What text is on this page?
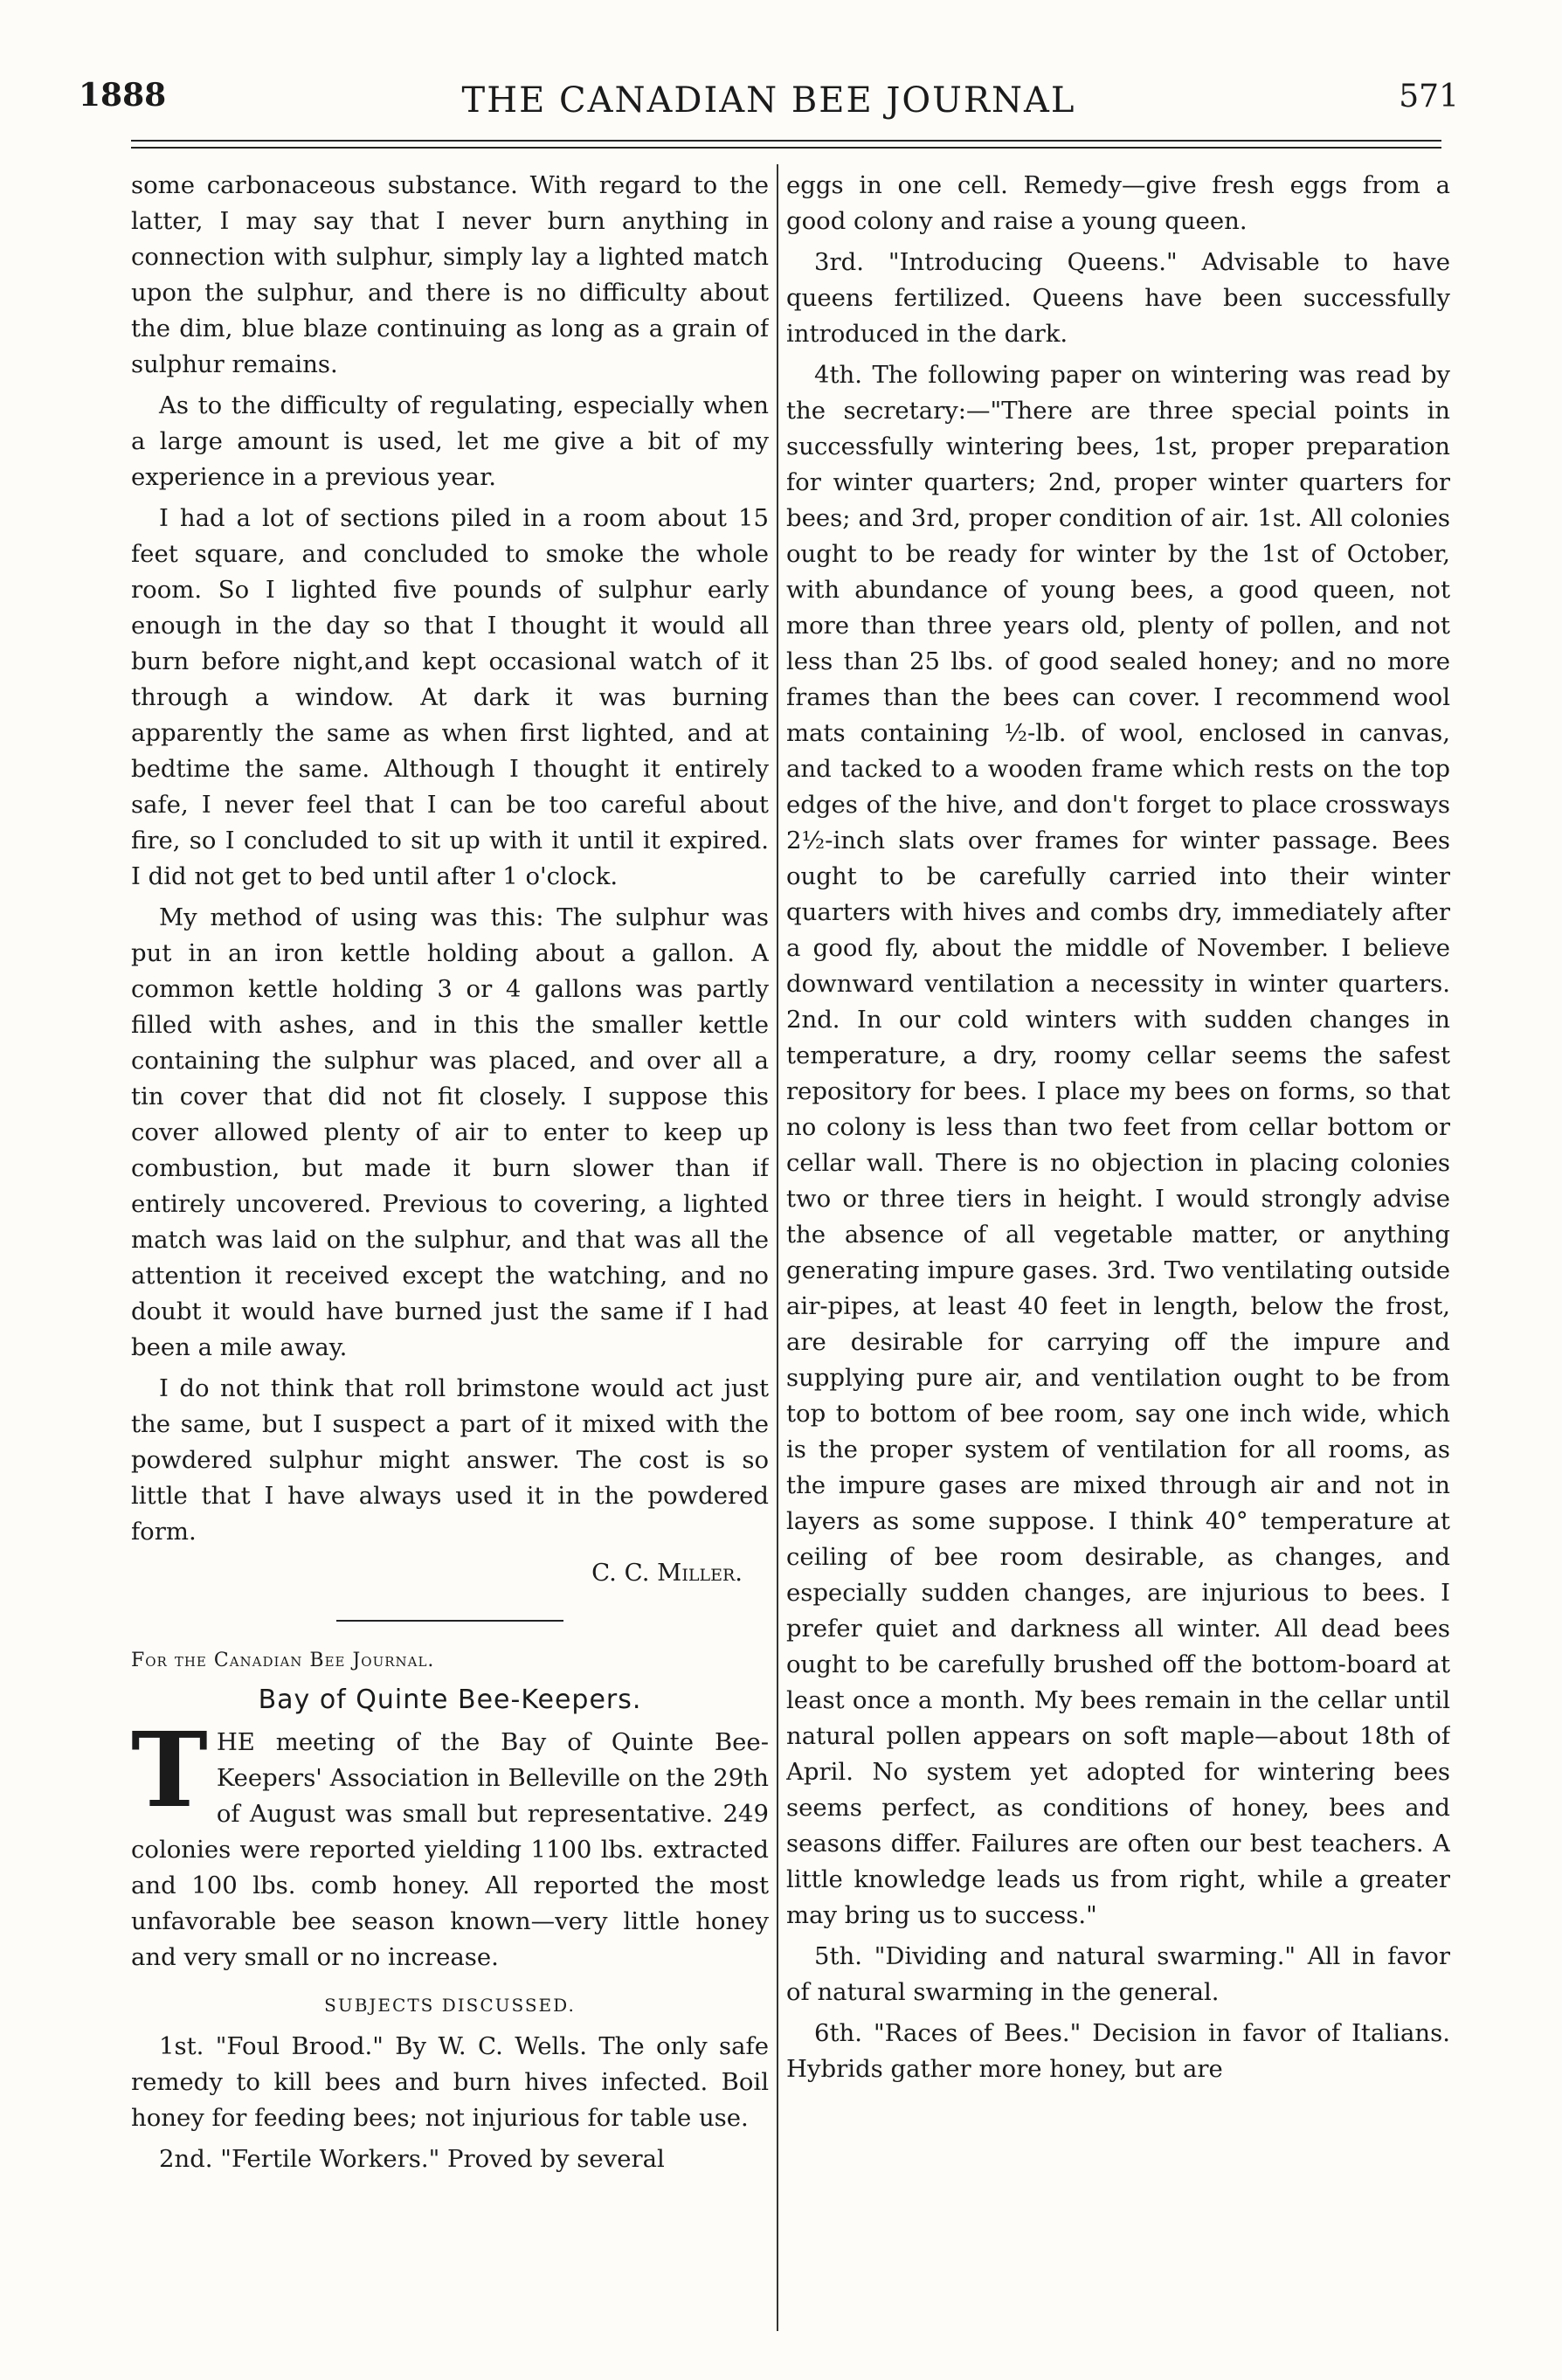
1888	THE CANADIAN BEE JOURNAL	571

some carbonaceous substance. With regard to the latter, I may say that I never burn anything in connection with sulphur, simply lay a lighted match upon the sulphur, and there is no difficulty about the dim, blue blaze continuing as long as a grain of sulphur remains.

As to the difficulty of regulating, especially when a large amount is used, let me give a bit of my experience in a previous year.

I had a lot of sections piled in a room about 15 feet square, and concluded to smoke the whole room. So I lighted five pounds of sulphur early enough in the day so that I thought it would all burn before night,and kept occasional watch of it through a window. At dark it was burning apparently the same as when first lighted, and at bedtime the same. Although I thought it entirely safe, I never feel that I can be too careful about fire, so I concluded to sit up with it until it expired. I did not get to bed until after 1 o'clock.

My method of using was this: The sulphur was put in an iron kettle holding about a gallon. A common kettle holding 3 or 4 gallons was partly filled with ashes, and in this the smaller kettle containing the sulphur was placed, and over all a tin cover that did not fit closely. I suppose this cover allowed plenty of air to enter to keep up combustion, but made it burn slower than if entirely uncovered. Previous to covering, a lighted match was laid on the sulphur, and that was all the attention it received except the watching, and no doubt it would have burned just the same if I had been a mile away.

I do not think that roll brimstone would act just the same, but I suspect a part of it mixed with the powdered sulphur might answer. The cost is so little that I have always used it in the powdered form.

C. C. Miller.
For the Canadian Bee Journal.
Bay of Quinte Bee-Keepers.

THE meeting of the Bay of Quinte Bee-Keepers' Association in Belleville on the 29th of August was small but representative. 249 colonies were reported yielding 1100 lbs. extracted and 100 lbs. comb honey. All reported the most unfavorable bee season known—very little honey and very small or no increase.

SUBJECTS DISCUSSED.

1st. "Foul Brood." By W. C. Wells. The only safe remedy to kill bees and burn hives infected. Boil honey for feeding bees; not injurious for table use.

2nd. "Fertile Workers." Proved by several

eggs in one cell. Remedy—give fresh eggs from a good colony and raise a young queen.

3rd. "Introducing Queens." Advisable to have queens fertilized. Queens have been successfully introduced in the dark.

4th. The following paper on wintering was read by the secretary:—"There are three special points in successfully wintering bees, 1st, proper preparation for winter quarters; 2nd, proper winter quarters for bees; and 3rd, proper condition of air. 1st. All colonies ought to be ready for winter by the 1st of October, with abundance of young bees, a good queen, not more than three years old, plenty of pollen, and not less than 25 lbs. of good sealed honey; and no more frames than the bees can cover. I recommend wool mats containing ½-lb. of wool, enclosed in canvas, and tacked to a wooden frame which rests on the top edges of the hive, and don't forget to place crossways 2½-inch slats over frames for winter passage. Bees ought to be carefully carried into their winter quarters with hives and combs dry, immediately after a good fly, about the middle of November. I believe downward ventilation a necessity in winter quarters. 2nd. In our cold winters with sudden changes in temperature, a dry, roomy cellar seems the safest repository for bees. I place my bees on forms, so that no colony is less than two feet from cellar bottom or cellar wall. There is no objection in placing colonies two or three tiers in height. I would strongly advise the absence of all vegetable matter, or anything generating impure gases. 3rd. Two ventilating outside air-pipes, at least 40 feet in length, below the frost, are desirable for carrying off the impure and supplying pure air, and ventilation ought to be from top to bottom of bee room, say one inch wide, which is the proper system of ventilation for all rooms, as the impure gases are mixed through air and not in layers as some suppose. I think 40° temperature at ceiling of bee room desirable, as changes, and especially sudden changes, are injurious to bees. I prefer quiet and darkness all winter. All dead bees ought to be carefully brushed off the bottom-board at least once a month. My bees remain in the cellar until natural pollen appears on soft maple—about 18th of April. No system yet adopted for wintering bees seems perfect, as conditions of honey, bees and seasons differ. Failures are often our best teachers. A little knowledge leads us from right, while a greater may bring us to success."

5th. "Dividing and natural swarming." All in favor of natural swarming in the general.

6th. "Races of Bees." Decision in favor of Italians. Hybrids gather more honey, but are
